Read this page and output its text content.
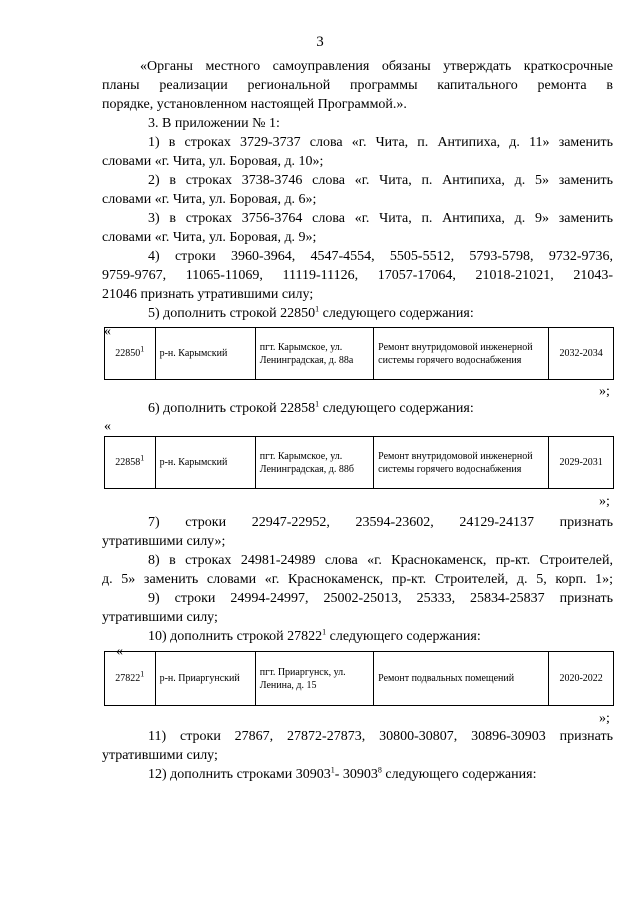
3
«Органы местного самоуправления обязаны утверждать краткосрочные
планы реализации региональной программы капитального ремонта в
порядке, установленном настоящей Программой.».
3. В приложении № 1:
1) в строках 3729-3737 слова «г. Чита, п. Антипиха, д. 11» заменить
словами «г. Чита, ул. Боровая, д. 10»;
2) в строках 3738-3746 слова «г. Чита, п. Антипиха, д. 5» заменить
словами «г. Чита, ул. Боровая, д. 6»;
3) в строках 3756-3764 слова «г. Чита, п. Антипиха, д. 9» заменить
словами «г. Чита, ул. Боровая, д. 9»;
4) строки 3960-3964, 4547-4554, 5505-5512, 5793-5798, 9732-9736,
9759-9767, 11065-11069, 11119-11126, 17057-17064, 21018-21021, 21043-
21046 признать утратившими силу;
5) дополнить строкой 22850$^1$ следующего содержания:
«
22850$^1$	р-н. Карымский	пгт. Карымское, ул. Ленинградская, д. 88а	Ремонт внутридомовой инженерной системы горячего водоснабжения	2032-2034
»;
6) дополнить строкой 22858$^1$ следующего содержания:
«
22858$^1$	р-н. Карымский	пгт. Карымское, ул. Ленинградская, д. 88б	Ремонт внутридомовой инженерной системы горячего водоснабжения	2029-2031
»;
7) строки 22947-22952, 23594-23602, 24129-24137 признать
утратившими силу»;
8) в строках 24981-24989 слова «г. Краснокаменск, пр-кт. Строителей,
д. 5» заменить словами «г. Краснокаменск, пр-кт. Строителей, д. 5, корп. 1»;
9) строки 24994-24997, 25002-25013, 25333, 25834-25837 признать
утратившими силу;
10) дополнить строкой 27822$^1$ следующего содержания:
«
27822$^1$	р-н. Приаргунский	пгт. Приаргунск, ул. Ленина, д. 15	Ремонт подвальных помещений	2020-2022
»;
11) строки 27867, 27872-27873, 30800-30807, 30896-30903 признать
утратившими силу;
12) дополнить строками 30903$^1$- 30903$^8$ следующего содержания:
